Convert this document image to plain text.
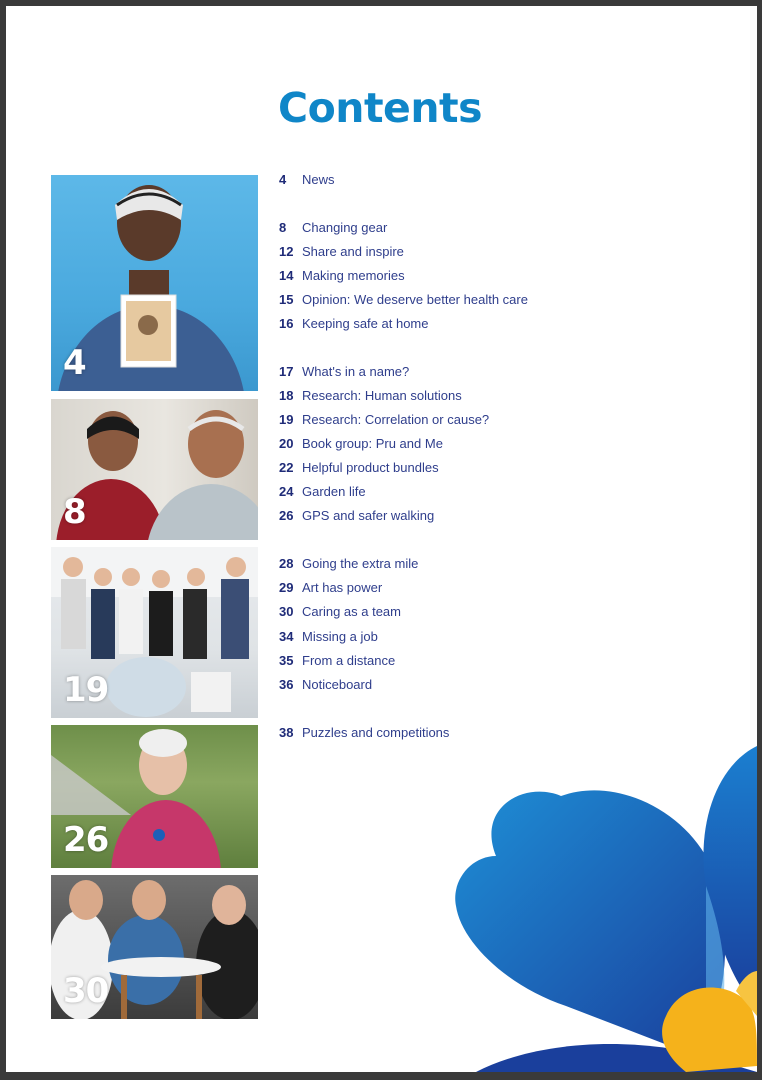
Contents
4
8
19
26
30
4 News
8 Changing gear
12 Share and inspire
14 Making memories
15 Opinion: We deserve better health care
16 Keeping safe at home
17 What's in a name?
18 Research: Human solutions
19 Research: Correlation or cause?
20 Book group: Pru and Me
22 Helpful product bundles
24 Garden life
26 GPS and safer walking
28 Going the extra mile
29 Art has power
30 Caring as a team
34 Missing a job
35 From a distance
36 Noticeboard
38 Puzzles and competitions
